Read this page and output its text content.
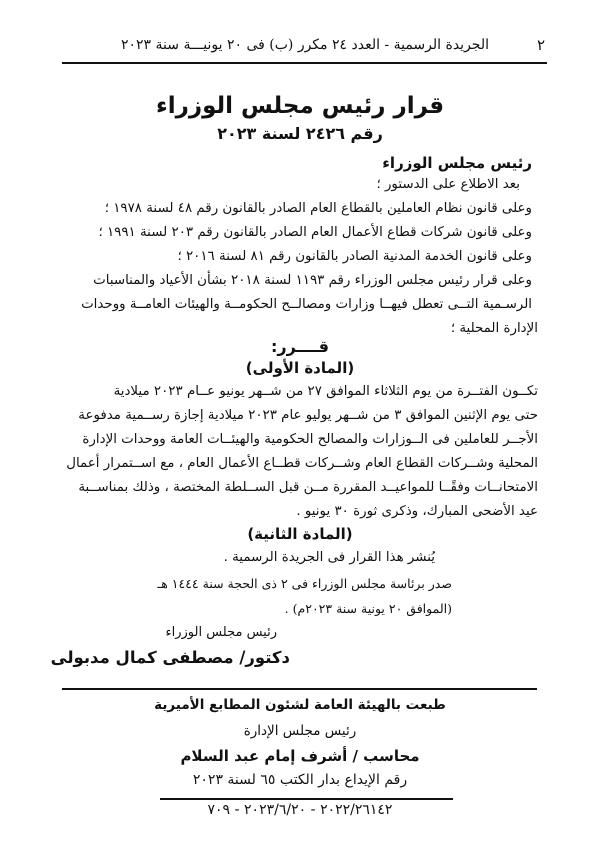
٢
الجريدة الرسمية - العدد ٢٤ مكرر (ب) فى ٢٠ يونيـــة سنة ٢٠٢٣
قرار رئيس مجلس الوزراء
رقم ٢٤٢٦ لسنة ٢٠٢٣
رئيس مجلس الوزراء
بعد الاطلاع على الدستور ؛
وعلى قانون نظام العاملين بالقطاع العام الصادر بالقانون رقم ٤٨ لسنة ١٩٧٨ ؛
وعلى قانون شركات قطاع الأعمال العام الصادر بالقانون رقم ٢٠٣ لسنة ١٩٩١ ؛
وعلى قانون الخدمة المدنية الصادر بالقانون رقم ٨١ لسنة ٢٠١٦ ؛
وعلى قرار رئيس مجلس الوزراء رقم ١١٩٣ لسنة ٢٠١٨ بشأن الأعياد والمناسبات
الرسـمية التــى تعطل فيهــا وزارات ومصالــح الحكومــة والهيئات العامــة ووحدات
الإدارة المحلية ؛
قــــرر:
(المادة الأولى)
تكــون الفتــرة من يوم الثلاثاء الموافق ٢٧ من شــهر يونيو عــام ٢٠٢٣ ميلادية
حتى يوم الإثنين الموافق ٣ من شــهر يوليو عام ٢٠٢٣ ميلادية إجازة رســمية مدفوعة
الأجــر للعاملين فى الــوزارات والمصالح الحكومية والهيئــات العامة ووحدات الإدارة
المحلية وشــركات القطاع العام وشــركات قطــاع الأعمال العام ، مع اســتمرار أعمال
الامتحانــات وفقًــا للمواعيــد المقررة مــن قبل الســلطة المختصة ، وذلك بمناســبة
عيد الأضحى المبارك، وذكرى ثورة ٣٠ يونيو .
(المادة الثانية)
يُنشر هذا القرار فى الجريدة الرسمية .
صدر برئاسة مجلس الوزراء فى ٢ ذى الحجة سنة ١٤٤٤ هـ
(الموافق ٢٠ يونية سنة ٢٠٢٣م) .
رئيس مجلس الوزراء
دكتور/ مصطفى كمال مدبولى
طبعت بالهيئة العامة لشئون المطابع الأميرية
رئيس مجلس الإدارة
محاسب / أشرف إمام عبد السلام
رقم الإيداع بدار الكتب ٦٥ لسنة ٢٠٢٣
٢٠٢٢/٢٦١٤٢ - ٢٠٢٣/٦/٢٠ - ٧٠٩
